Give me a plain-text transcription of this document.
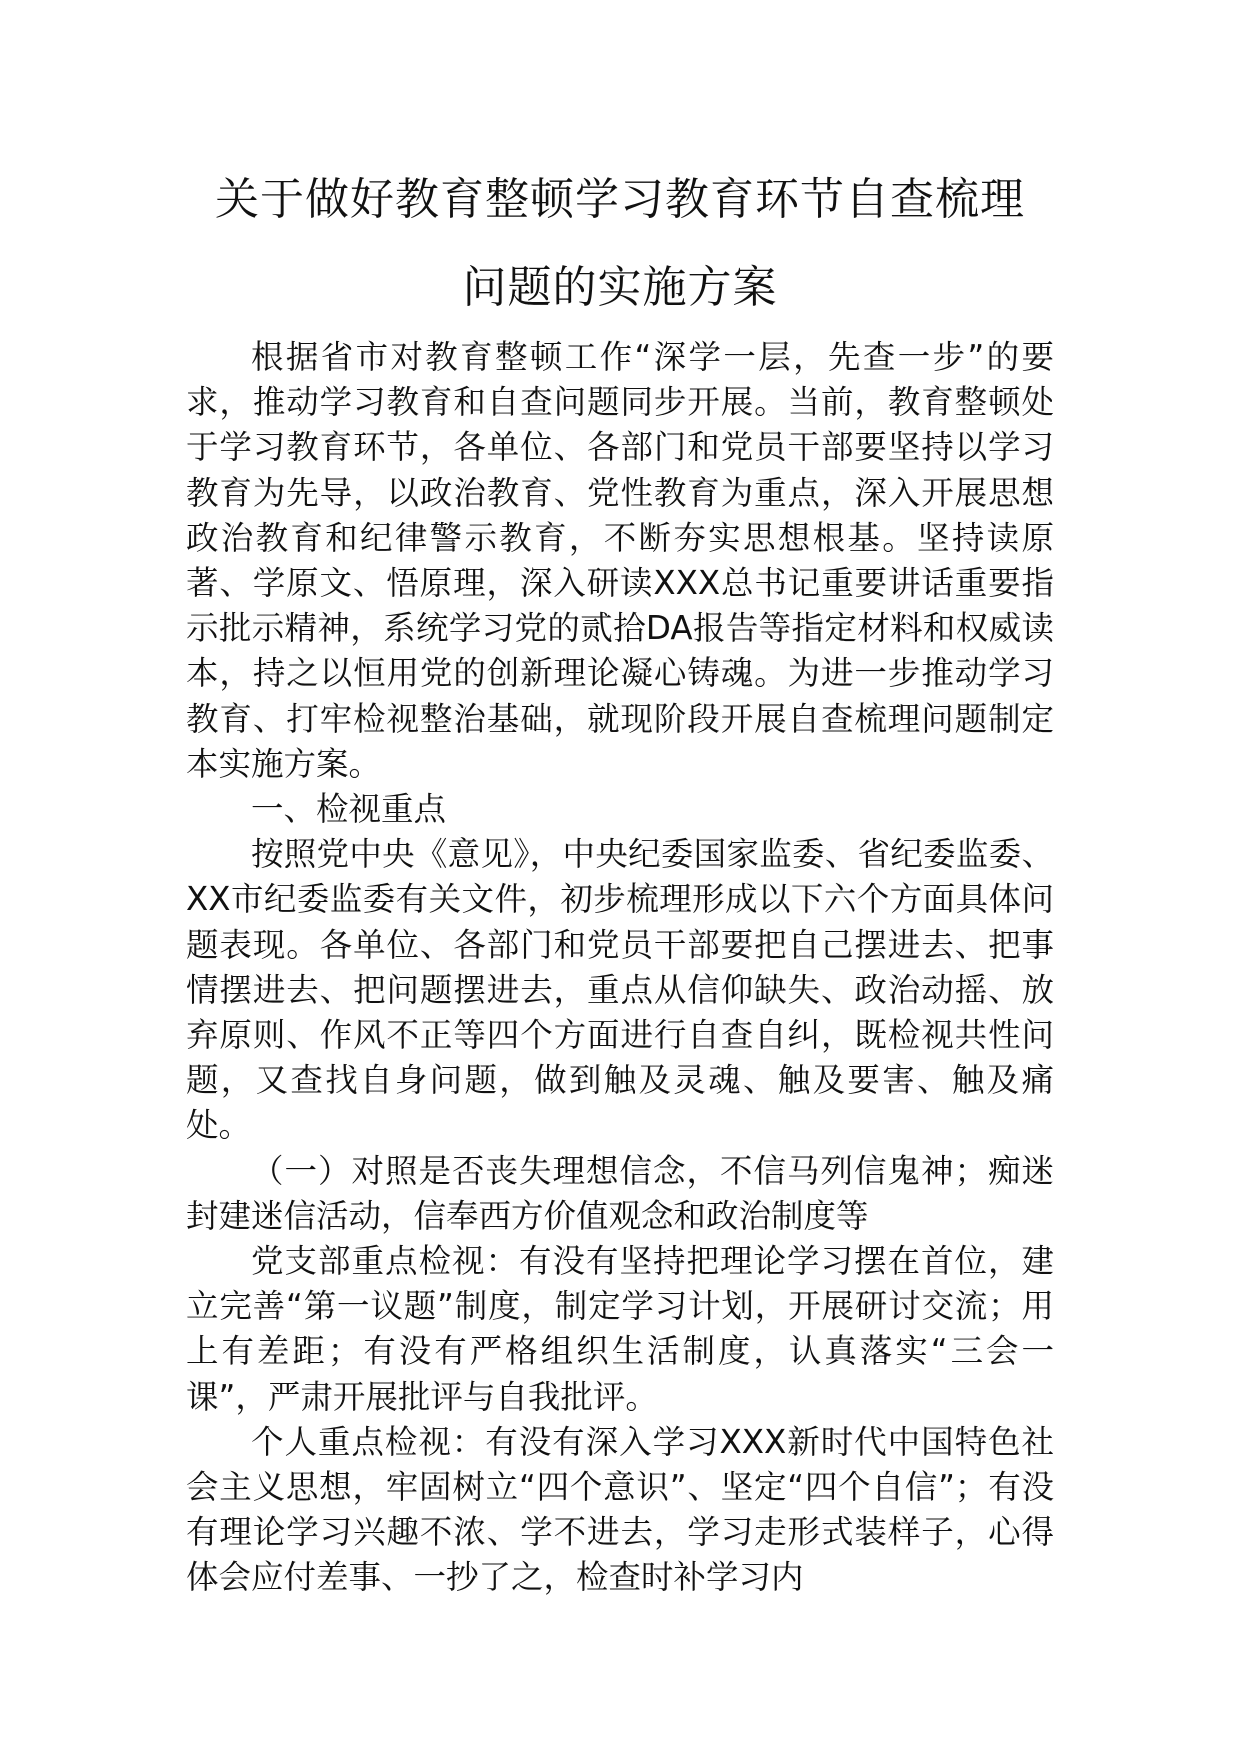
关于做好教育整顿学习教育环节自查梳理
问题的实施方案

根据省市对教育整顿工作“深学一层，先查一步”的要求，推动学习教育和自查问题同步开展。当前，教育整顿处于学习教育环节，各单位、各部门和党员干部要坚持以学习教育为先导，以政治教育、党性教育为重点，深入开展思想政治教育和纪律警示教育，不断夯实思想根基。坚持读原著、学原文、悟原理，深入研读XXX总书记重要讲话重要指示批示精神，系统学习党的贰拾DA报告等指定材料和权威读本，持之以恒用党的创新理论凝心铸魂。为进一步推动学习教育、打牢检视整治基础，就现阶段开展自查梳理问题制定本实施方案。

一、检视重点

按照党中央《意见》，中央纪委国家监委、省纪委监委、XX市纪委监委有关文件，初步梳理形成以下六个方面具体问题表现。各单位、各部门和党员干部要把自己摆进去、把事情摆进去、把问题摆进去，重点从信仰缺失、政治动摇、放弃原则、作风不正等四个方面进行自查自纠，既检视共性问题，又查找自身问题，做到触及灵魂、触及要害、触及痛处。

（一）对照是否丧失理想信念，不信马列信鬼神；痴迷封建迷信活动，信奉西方价值观念和政治制度等

党支部重点检视：有没有坚持把理论学习摆在首位，建立完善“第一议题”制度，制定学习计划，开展研讨交流；用上有差距；有没有严格组织生活制度，认真落实“三会一课”，严肃开展批评与自我批评。

个人重点检视：有没有深入学习XXX新时代中国特色社会主义思想，牢固树立“四个意识”、坚定“四个自信”；有没有理论学习兴趣不浓、学不进去，学习走形式装样子，心得体会应付差事、一抄了之，检查时补学习内
